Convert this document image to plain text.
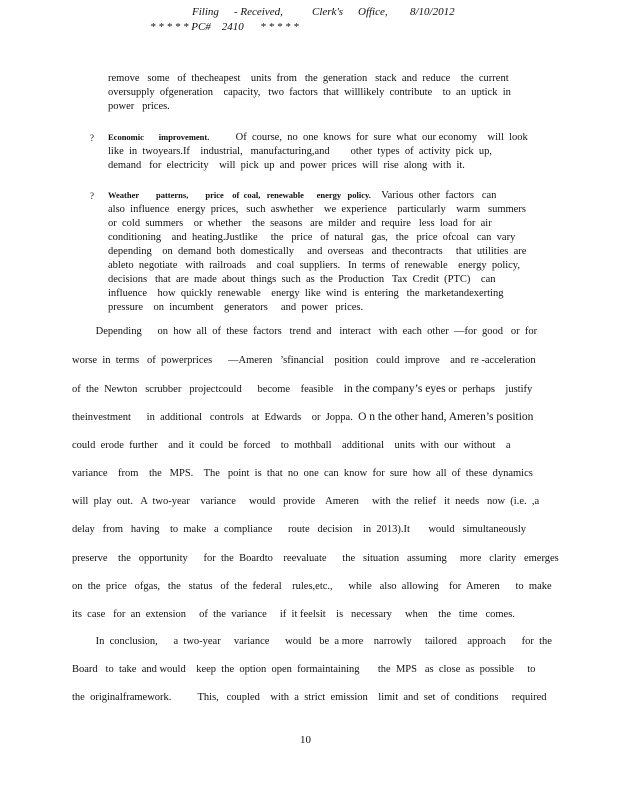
Filing - Received,	Clerk's Office, 8/10/2012
* * * * * PC#    2410      * * * * *

remove   some   of  thecheapest    units  from   the  generation   stack  and  reduce    the  current

oversupply  ofgeneration    capacity,   two  factors  that  willlikely  contribute    to  an  uptick  in

power   prices.

? Economic       improvement.          Of  course,  no  one  knows  for  sure  what  our economy    will  look

like  in  twoyears.If    industrial,   manufacturing,and        other  types  of  activity  pick  up,

demand   for  electricity    will  pick  up  and  power  prices  will  rise  along  with  it.

? Weather        patterns,        price    of  coal,   renewable      energy   policy.    Various  other  factors   can

also  influence   energy  prices,   such  aswhether    we  experience    particularly    warm   summers

or  cold  summers    or  whether    the  seasons   are  milder  and  require   less  load  for  air

conditioning    and  heating.Justlike     the   price   of  natural   gas,   the   price  ofcoal   can  vary

depending    on  demand  both  domestically     and  overseas   and  thecontracts     that  utilities  are

ableto  negotiate   with  railroads    and  coal  suppliers.   In  terms  of  renewable    energy  policy,

decisions   that  are  made  about  things  such  as  the  Production   Tax  Credit  (PTC)    can

influence    how  quickly  renewable    energy  like  wind  is  entering   the  marketandexerting

pressure    on  incumbent    generators     and  power   prices.

Depending      on  how  all  of  these  factors   trend  and   interact   with  each  other  —for  good   or  for
worse  in  terms   of  powerprices      —Ameren   ’sfinancial    position   could  improve    and  re -acceleration
of  the  Newton   scrubber   projectcould      become    feasible    in the company’s eyes or  perhaps    justify
theinvestment      in  additional   controls   at  Edwards    or  Joppa.  O n the other hand, Ameren’s position
could  erode  further    and  it  could  be  forced    to  mothball    additional    units  with  our  without    a
variance    from    the   MPS.    The   point  is  that  no  one  can  know  for  sure  how  all  of  these  dynamics
will  play  out.   A  two-year    variance     would   provide    Ameren     with  the  relief   it  needs   now  (i.e.  ,a
delay   from   having    to  make   a  compliance      route   decision    in  2013).It       would   simultaneously
preserve    the   opportunity      for  the  Boardto    reevaluate      the   situation   assuming     more   clarity   emerges
on  the  price   ofgas,   the   status   of  the  federal    rules,etc.,      while   also  allowing    for  Ameren      to  make
its  case   for  an  extension     of  the  variance     if  it feelsit    is   necessary     when    the   time   comes.
In  conclusion,      a  two-year     variance      would   be  a more    narrowly     tailored    approach      for  the
Board   to  take  and would    keep  the  option  open  formaintaining       the  MPS   as  close  as  possible     to
the  originalframework.          This,   coupled    with  a  strict  emission    limit  and  set  of  conditions     required
10
